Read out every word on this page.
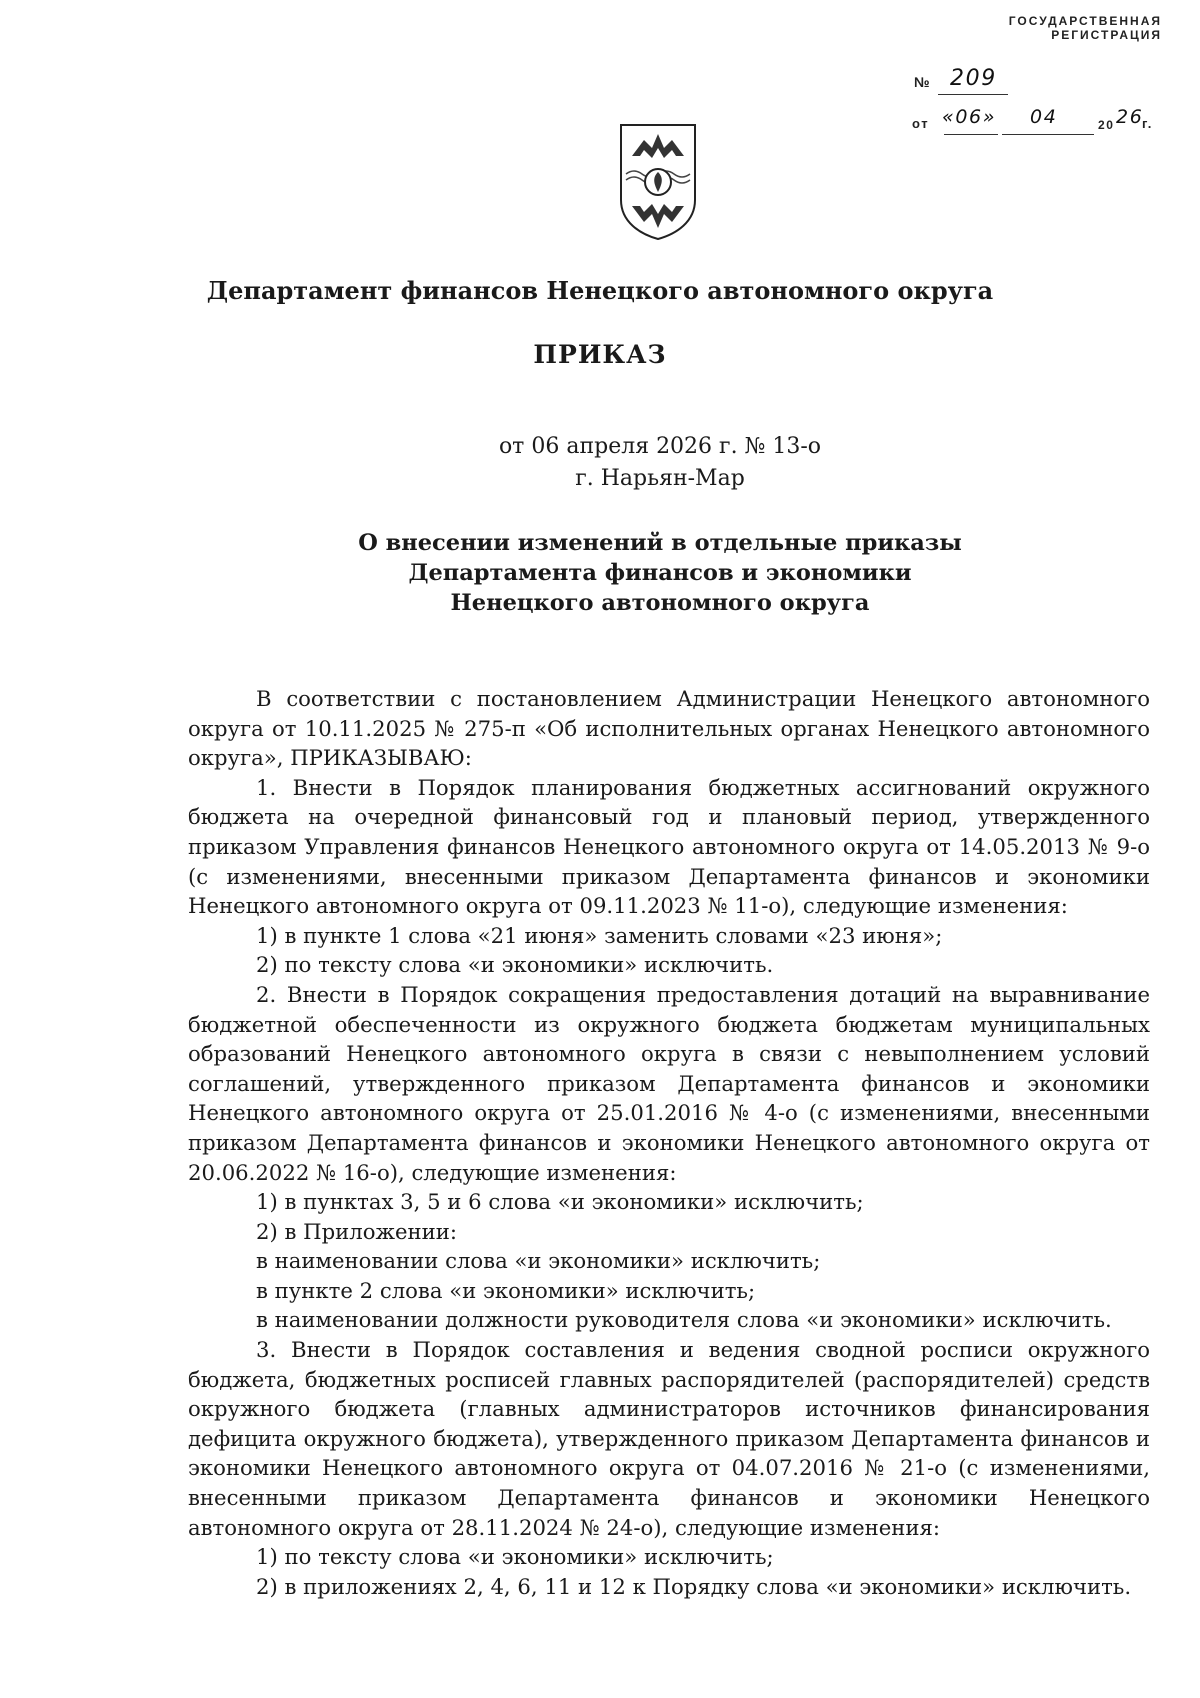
ГОСУДАРСТВЕННАЯ РЕГИСТРАЦИЯ
№ 209
от «06» 04	20 26
г.
Департамент финансов Ненецкого автономного округа
ПРИКАЗ
от 06 апреля 2026 г. № 13-о
г. Нарьян-Мар
О внесении изменений в отдельные приказы
Департамента финансов и экономики
Ненецкого автономного округа

В соответствии с постановлением Администрации Ненецкого автономного округа от 10.11.2025 № 275-п «Об исполнительных органах Ненецкого автономного округа», ПРИКАЗЫВАЮ:

1. Внести в Порядок планирования бюджетных ассигнований окружного бюджета на очередной финансовый год и плановый период, утвержденного приказом Управления финансов Ненецкого автономного округа от 14.05.2013 № 9-о (с изменениями, внесенными приказом Департамента финансов и экономики Ненецкого автономного округа от 09.11.2023 № 11-о), следующие изменения:

1) в пункте 1 слова «21 июня» заменить словами «23 июня»;

2) по тексту слова «и экономики» исключить.

2. Внести в Порядок сокращения предоставления дотаций на выравнивание бюджетной обеспеченности из окружного бюджета бюджетам муниципальных образований Ненецкого автономного округа в связи с невыполнением условий соглашений, утвержденного приказом Департамента финансов и экономики Ненецкого автономного округа от 25.01.2016 № 4-о (с изменениями, внесенными приказом Департамента финансов и экономики Ненецкого автономного округа от 20.06.2022 № 16-о), следующие изменения:

1) в пунктах 3, 5 и 6 слова «и экономики» исключить;

2) в Приложении:

в наименовании слова «и экономики» исключить;

в пункте 2 слова «и экономики» исключить;

в наименовании должности руководителя слова «и экономики» исключить.

3. Внести в Порядок составления и ведения сводной росписи окружного бюджета, бюджетных росписей главных распорядителей (распорядителей) средств окружного бюджета (главных администраторов источников финансирования дефицита окружного бюджета), утвержденного приказом Департамента финансов и экономики Ненецкого автономного округа от 04.07.2016 № 21-о (с изменениями, внесенными приказом Департамента финансов и экономики Ненецкого автономного округа от 28.11.2024 № 24-о), следующие изменения:

1) по тексту слова «и экономики» исключить;

2) в приложениях 2, 4, 6, 11 и 12 к Порядку слова «и экономики» исключить.
